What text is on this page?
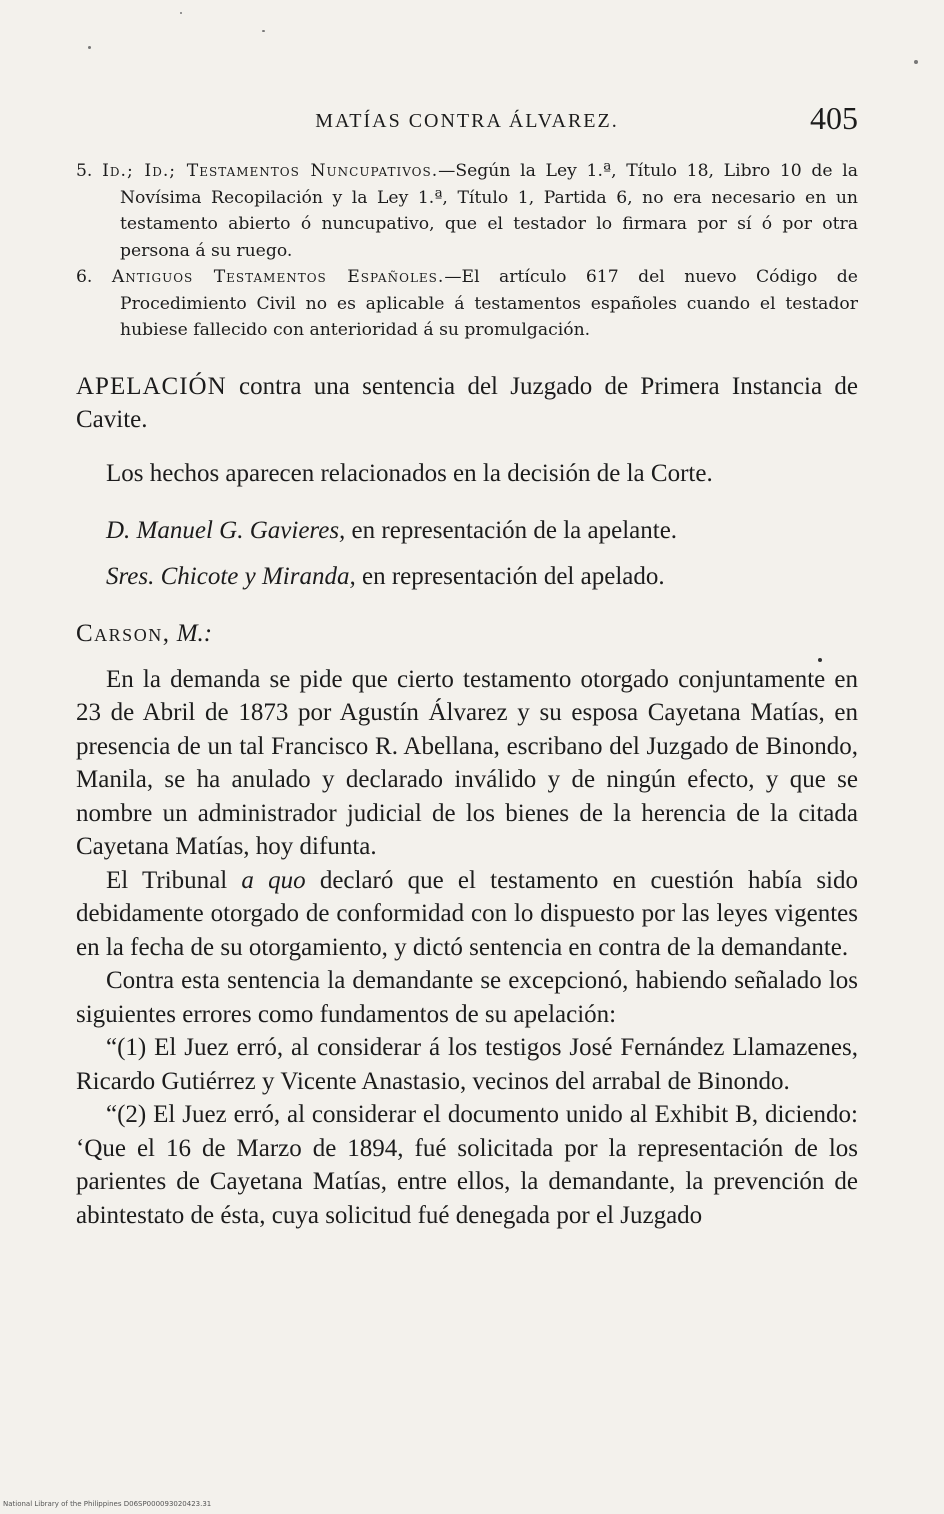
MATÍAS CONTRA ÁLVAREZ.	405

5. Id.; Id.; Testamentos Nuncupativos.—Según la Ley 1.ª, Título 18, Libro 10 de la Novísima Recopilación y la Ley 1.ª, Título 1, Partida 6, no era necesario en un testamento abierto ó nuncupativo, que el testador lo firmara por sí ó por otra persona á su ruego.

6. Antiguos Testamentos Españoles.—El artículo 617 del nuevo Código de Procedimiento Civil no es aplicable á testamentos españoles cuando el testador hubiese fallecido con anterioridad á su promulgación.

APELACIÓN contra una sentencia del Juzgado de Primera Instancia de Cavite.

Los hechos aparecen relacionados en la decisión de la Corte.

D. Manuel G. Gavieres, en representación de la apelante.

Sres. Chicote y Miranda, en representación del apelado.

Carson, M.:

En la demanda se pide que cierto testamento otorgado conjuntamente en 23 de Abril de 1873 por Agustín Álvarez y su esposa Cayetana Matías, en presencia de un tal Francisco R. Abellana, escribano del Juzgado de Binondo, Manila, se ha anulado y declarado inválido y de ningún efecto, y que se nombre un administrador judicial de los bienes de la herencia de la citada Cayetana Matías, hoy difunta.

El Tribunal a quo declaró que el testamento en cuestión había sido debidamente otorgado de conformidad con lo dispuesto por las leyes vigentes en la fecha de su otorgamiento, y dictó sentencia en contra de la demandante.

Contra esta sentencia la demandante se excepcionó, habiendo señalado los siguientes errores como fundamentos de su apelación:

“(1) El Juez erró, al considerar á los testigos José Fernández Llamazenes, Ricardo Gutiérrez y Vicente Anastasio, vecinos del arrabal de Binondo.

“(2) El Juez erró, al considerar el documento unido al Exhibit B, diciendo: ‘Que el 16 de Marzo de 1894, fué solicitada por la representación de los parientes de Cayetana Matías, entre ellos, la demandante, la prevención de abintestato de ésta, cuya solicitud fué denegada por el Juzgado

National Library of the Philippines D06SP000093020423.31
